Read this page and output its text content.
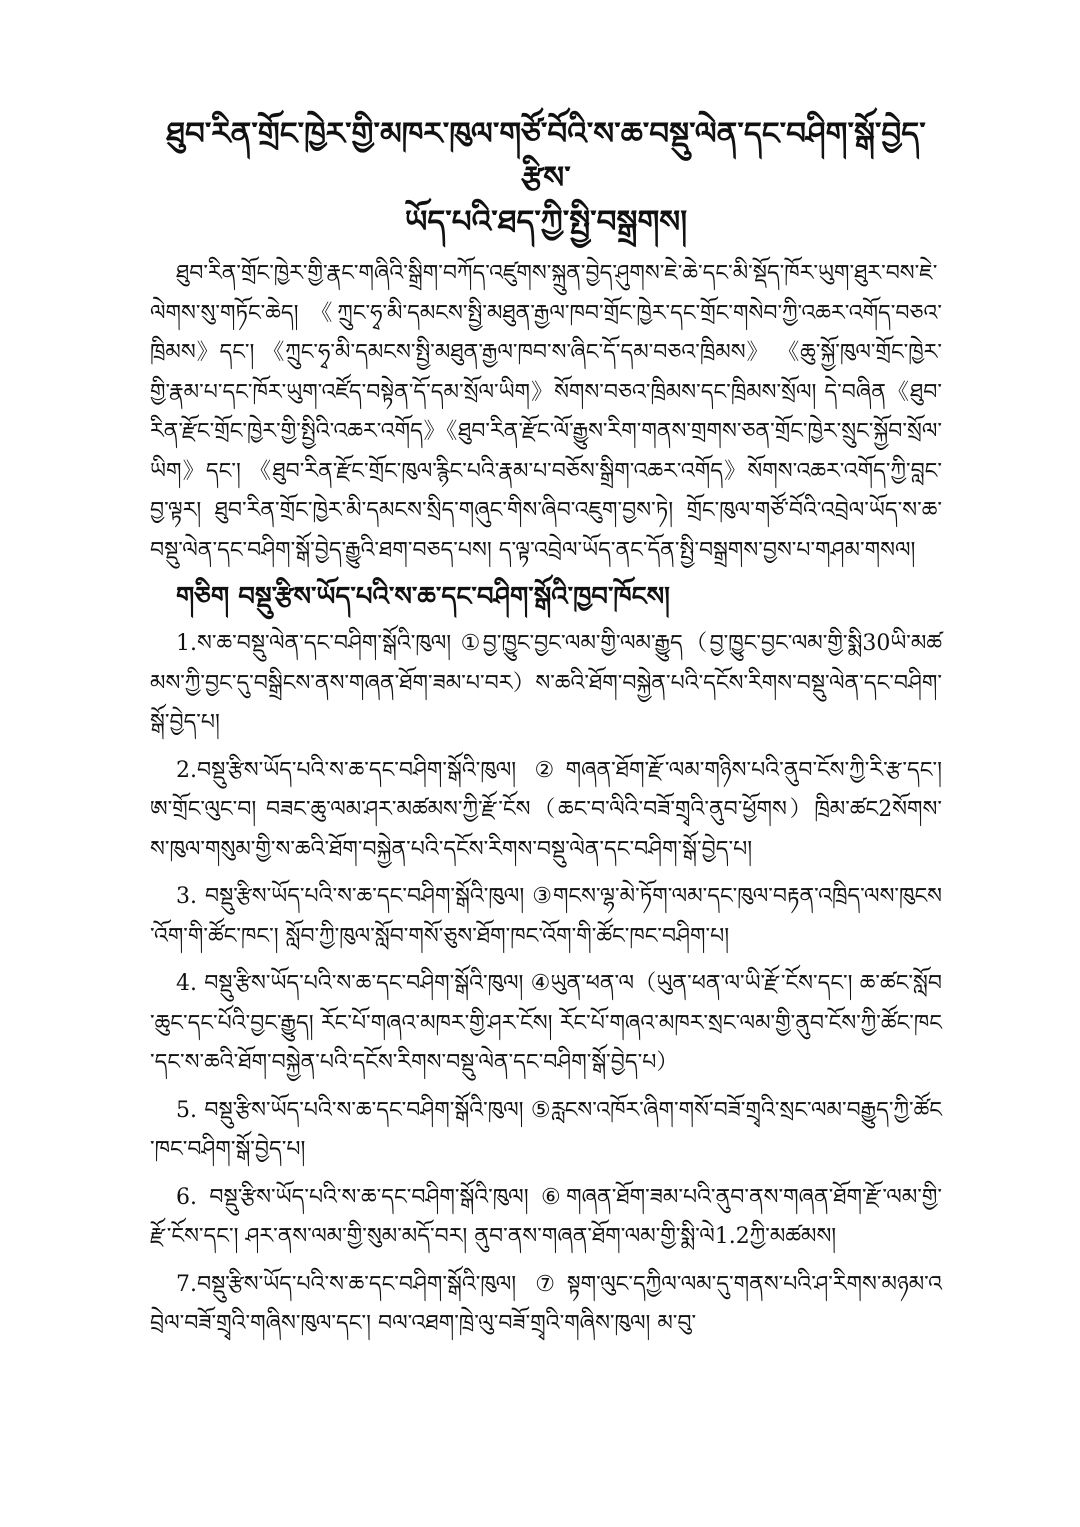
ཐུབ་རིན་གྲོང་ཁྱེར་གྱི་མཁར་ཁུལ་གཙོ་བོའི་ས་ཆ་བསྡུ་ལེན་དང་བཤིག་སྒོ་བྱེད་རྩིས་
ཡོད་པའི་ཐད་ཀྱི་སྤྱི་བསྒྲགས།

ཐུབ་རིན་གྲོང་ཁྱེར་གྱི་རྣང་གཞིའི་སྒྲིག་བཀོད་འཛུགས་སྐྲུན་བྱེད་ཤུགས་ཇེ་ཆེ་དང་མི་སྡོད་ཁོར་ཡུག་ཐུར་བས་ཇེ་ལེགས་སུ་གཏོང་ཆེད། 《ཀྲུང་ཧྭ་མི་དམངས་སྤྱི་མཐུན་རྒྱལ་ཁབ་གྲོང་ཁྱེར་དང་གྲོང་གསེབ་ཀྱི་འཆར་འགོད་བཅའ་ཁྲིམས》དང་། 《ཀྲུང་ཧྭ་མི་དམངས་སྤྱི་མཐུན་རྒྱལ་ཁབ་ས་ཞིང་དོ་དམ་བཅའ་ཁྲིམས》 《ཆུ་སྐྱོ་ཁུལ་གྲོང་ཁྱེར་གྱི་རྣམ་པ་དང་ཁོར་ཡུག་འཛོད་བསྟེན་དོ་དམ་སྲོལ་ཡིག》སོགས་བཅའ་ཁྲིམས་དང་ཁྲིམས་སྲོལ། དེ་བཞིན《ཐུབ་རིན་རྫོང་གྲོང་ཁྱེར་གྱི་སྤྱིའི་འཆར་འགོད》《ཐུབ་རིན་རྫོང་ལོ་རྒྱུས་རིག་གནས་གྲགས་ཅན་གྲོང་ཁྱེར་སྲུང་སྐྱོབ་སྲོལ་ཡིག》དང་། 《ཐུབ་རིན་རྫོང་གྲོང་ཁུལ་རྙིང་པའི་རྣམ་པ་བཅོས་སྒྲིག་འཆར་འགོད》སོགས་འཆར་འགོད་ཀྱི་བླང་བྱ་ལྟར། ཐུབ་རིན་གྲོང་ཁྱེར་མི་དམངས་སྲིད་གཞུང་གིས་ཞིབ་འཇུག་བྱས་ཏེ། གྲོང་ཁུལ་གཙོ་བོའི་འབྲེལ་ཡོད་ས་ཆ་བསྡུ་ལེན་དང་བཤིག་སྒོ་བྱེད་རྒྱུའི་ཐག་བཅད་པས། ད་ལྟ་འབྲེལ་ཡོད་ནང་དོན་སྤྱི་བསྒྲགས་བྱས་པ་གཤམ་གསལ།

གཅིག བསྡུ་རྩིས་ཡོད་པའི་ས་ཆ་དང་བཤིག་སྒོའི་ཁྱབ་ཁོངས།

1.ས་ཆ་བསྡུ་ལེན་དང་བཤིག་སྒོའི་ཁུལ། ①བྱ་ཁྱུང་བྱང་ལམ་གྱི་ལམ་རྒྱུད（བྱ་ཁྱུང་བྱང་ལམ་གྱི་སྨི30ཡི་མཚམས་ཀྱི་བྱང་དུ་བསྒྲིངས་ནས་གཞན་ཐོག་ཟམ་པ་བར）ས་ཆའི་ཐོག་བསྐྱེན་པའི་དངོས་རིགས་བསྡུ་ལེན་དང་བཤིག་སྒོ་བྱེད་པ།

2.བསྡུ་རྩིས་ཡོད་པའི་ས་ཆ་དང་བཤིག་སྒོའི་ཁུལ། ②གཞན་ཐོག་རྫོ་ལམ་གཉིས་པའི་ནུབ་ངོས་ཀྱི་རི་རྩ་དང་། ཨ་གྲོང་ལུང་བ། བཟང་ཆུ་ལམ་ཤར་མཚམས་ཀྱི་རྫོ་ངོས（ཆང་བ་ལིའི་བཟོ་གྲྭའི་ནུབ་ཕྱོགས）ཁྲིམ་ཚང2སོགས་ས་ཁུལ་གསུམ་གྱི་ས་ཆའི་ཐོག་བསྐྱེན་པའི་དངོས་རིགས་བསྡུ་ལེན་དང་བཤིག་སྒོ་བྱེད་པ།

3. བསྡུ་རྩིས་ཡོད་པའི་ས་ཆ་དང་བཤིག་སྒོའི་ཁུལ། ③གངས་ལྷ་མེ་ཏོག་ལམ་དང་ཁུལ་བརྟན་འཁྲིད་ལས་ཁུངས་འོག་གི་ཚོང་ཁང་། སློབ་ཀྱི་ཁུལ་སློབ་གསོ་ཅུས་ཐོག་ཁང་འོག་གི་ཚོང་ཁང་བཤིག་པ།

4. བསྡུ་རྩིས་ཡོད་པའི་ས་ཆ་དང་བཤིག་སྒོའི་ཁུལ། ④ཡུན་ཕན་ལ（ཡུན་ཕན་ལ་ཡི་རྫོ་ངོས་དང་། ཆ་ཚང་སློབ་ཆུང་དང་པོའི་བྱང་རྒྱུད། རོང་པོ་གཞའ་མཁར་གྱི་ཤར་ངོས། རོང་པོ་གཞའ་མཁར་སྲང་ལམ་གྱི་ནུབ་ངོས་ཀྱི་ཚོང་ཁང་དང་ས་ཆའི་ཐོག་བསྐྱེན་པའི་དངོས་རིགས་བསྡུ་ལེན་དང་བཤིག་སྒོ་བྱེད་པ）

5. བསྡུ་རྩིས་ཡོད་པའི་ས་ཆ་དང་བཤིག་སྒོའི་ཁུལ། ⑤རླངས་འཁོར་ཞིག་གསོ་བཟོ་གྲྭའི་སྲང་ལམ་བརྒྱུད་ཀྱི་ཚོང་ཁང་བཤིག་སྒོ་བྱེད་པ།

6. བསྡུ་རྩིས་ཡོད་པའི་ས་ཆ་དང་བཤིག་སྒོའི་ཁུལ། ⑥གཞན་ཐོག་ཟམ་པའི་ནུབ་ནས་གཞན་ཐོག་རྫོ་ལམ་གྱི་རྫོ་ངོས་དང་། ཤར་ནས་ལམ་གྱི་སུམ་མདོ་བར། ནུབ་ནས་གཞན་ཐོག་ལམ་གྱི་སྨི་ལེ1.2ཀྱི་མཚམས།

7.བསྡུ་རྩིས་ཡོད་པའི་ས་ཆ་དང་བཤིག་སྒོའི་ཁུལ། ⑦སྟག་ལུང་དཀྱིལ་ལམ་དུ་གནས་པའི་ཤ་རིགས་མཉམ་འབྲེལ་བཟོ་གྲྭའི་གཞིས་ཁུལ་དང་། བལ་འཐག་ཁྲེ་ལུ་བཟོ་གྲྭའི་གཞིས་ཁུལ། མ་བུ་
